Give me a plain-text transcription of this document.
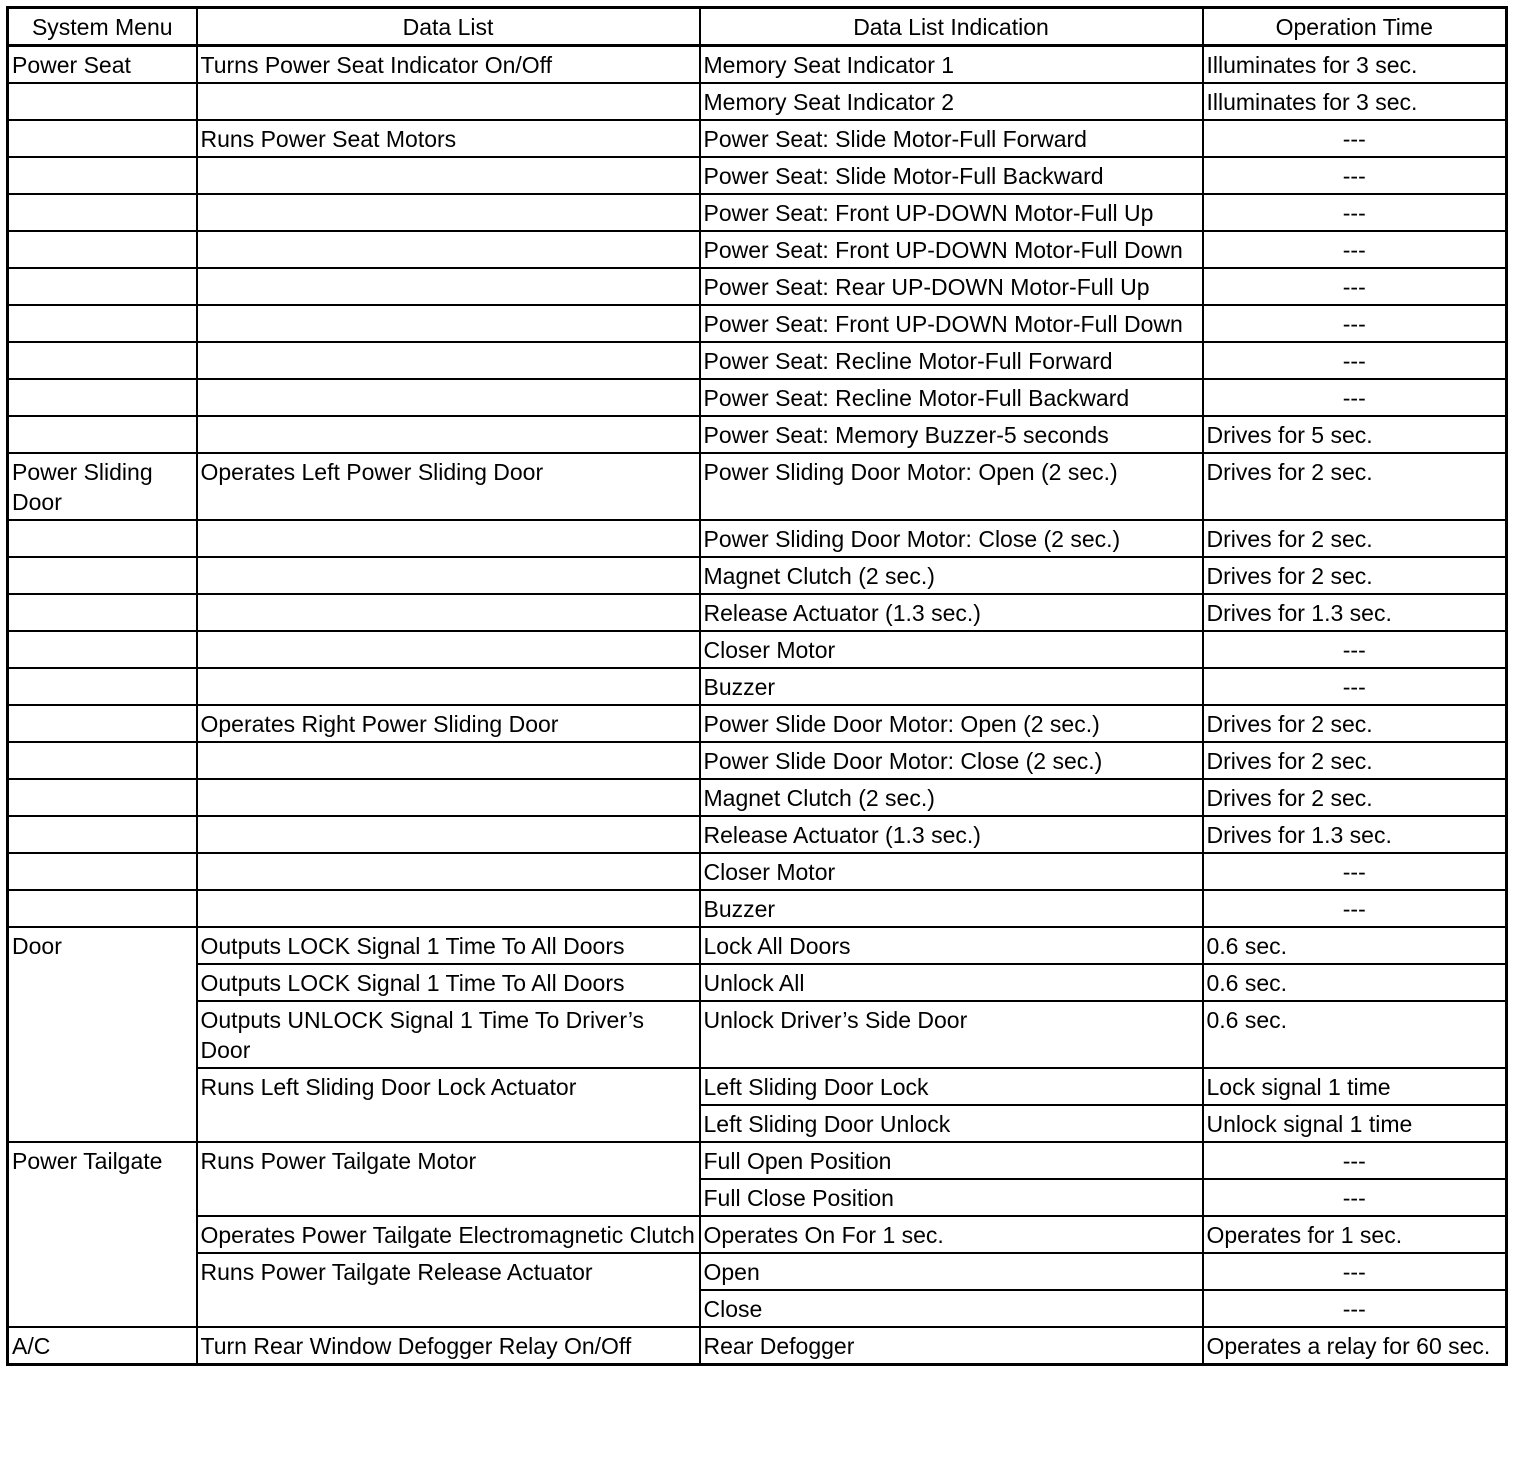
System Menu	Data List	Data List Indication	Operation Time
Power Seat	Turns Power Seat Indicator On/Off	Memory Seat Indicator 1	Illuminates for 3 sec.
		Memory Seat Indicator 2	Illuminates for 3 sec.
	Runs Power Seat Motors	Power Seat: Slide Motor-Full Forward	---
		Power Seat: Slide Motor-Full Backward	---
		Power Seat: Front UP-DOWN Motor-Full Up	---
		Power Seat: Front UP-DOWN Motor-Full Down	---
		Power Seat: Rear UP-DOWN Motor-Full Up	---
		Power Seat: Front UP-DOWN Motor-Full Down	---
		Power Seat: Recline Motor-Full Forward	---
		Power Seat: Recline Motor-Full Backward	---
		Power Seat: Memory Buzzer-5 seconds	Drives for 5 sec.
Power Sliding Door	Operates Left Power Sliding Door	Power Sliding Door Motor: Open (2 sec.)	Drives for 2 sec.
		Power Sliding Door Motor: Close (2 sec.)	Drives for 2 sec.
		Magnet Clutch (2 sec.)	Drives for 2 sec.
		Release Actuator (1.3 sec.)	Drives for 1.3 sec.
		Closer Motor	---
		Buzzer	---
	Operates Right Power Sliding Door	Power Slide Door Motor: Open (2 sec.)	Drives for 2 sec.
		Power Slide Door Motor: Close (2 sec.)	Drives for 2 sec.
		Magnet Clutch (2 sec.)	Drives for 2 sec.
		Release Actuator (1.3 sec.)	Drives for 1.3 sec.
		Closer Motor	---
		Buzzer	---
Door	Outputs LOCK Signal 1 Time To All Doors	Lock All Doors	0.6 sec.
	Outputs LOCK Signal 1 Time To All Doors	Unlock All	0.6 sec.
	Outputs UNLOCK Signal 1 Time To Driver’s Door	Unlock Driver’s Side Door	0.6 sec.
	Runs Left Sliding Door Lock Actuator	Left Sliding Door Lock	Lock signal 1 time
		Left Sliding Door Unlock	Unlock signal 1 time
Power Tailgate	Runs Power Tailgate Motor	Full Open Position	---
		Full Close Position	---
	Operates Power Tailgate Electromagnetic Clutch	Operates On For 1 sec.	Operates for 1 sec.
	Runs Power Tailgate Release Actuator	Open	---
		Close	---
A/C	Turn Rear Window Defogger Relay On/Off	Rear Defogger	Operates a relay for 60 sec.
